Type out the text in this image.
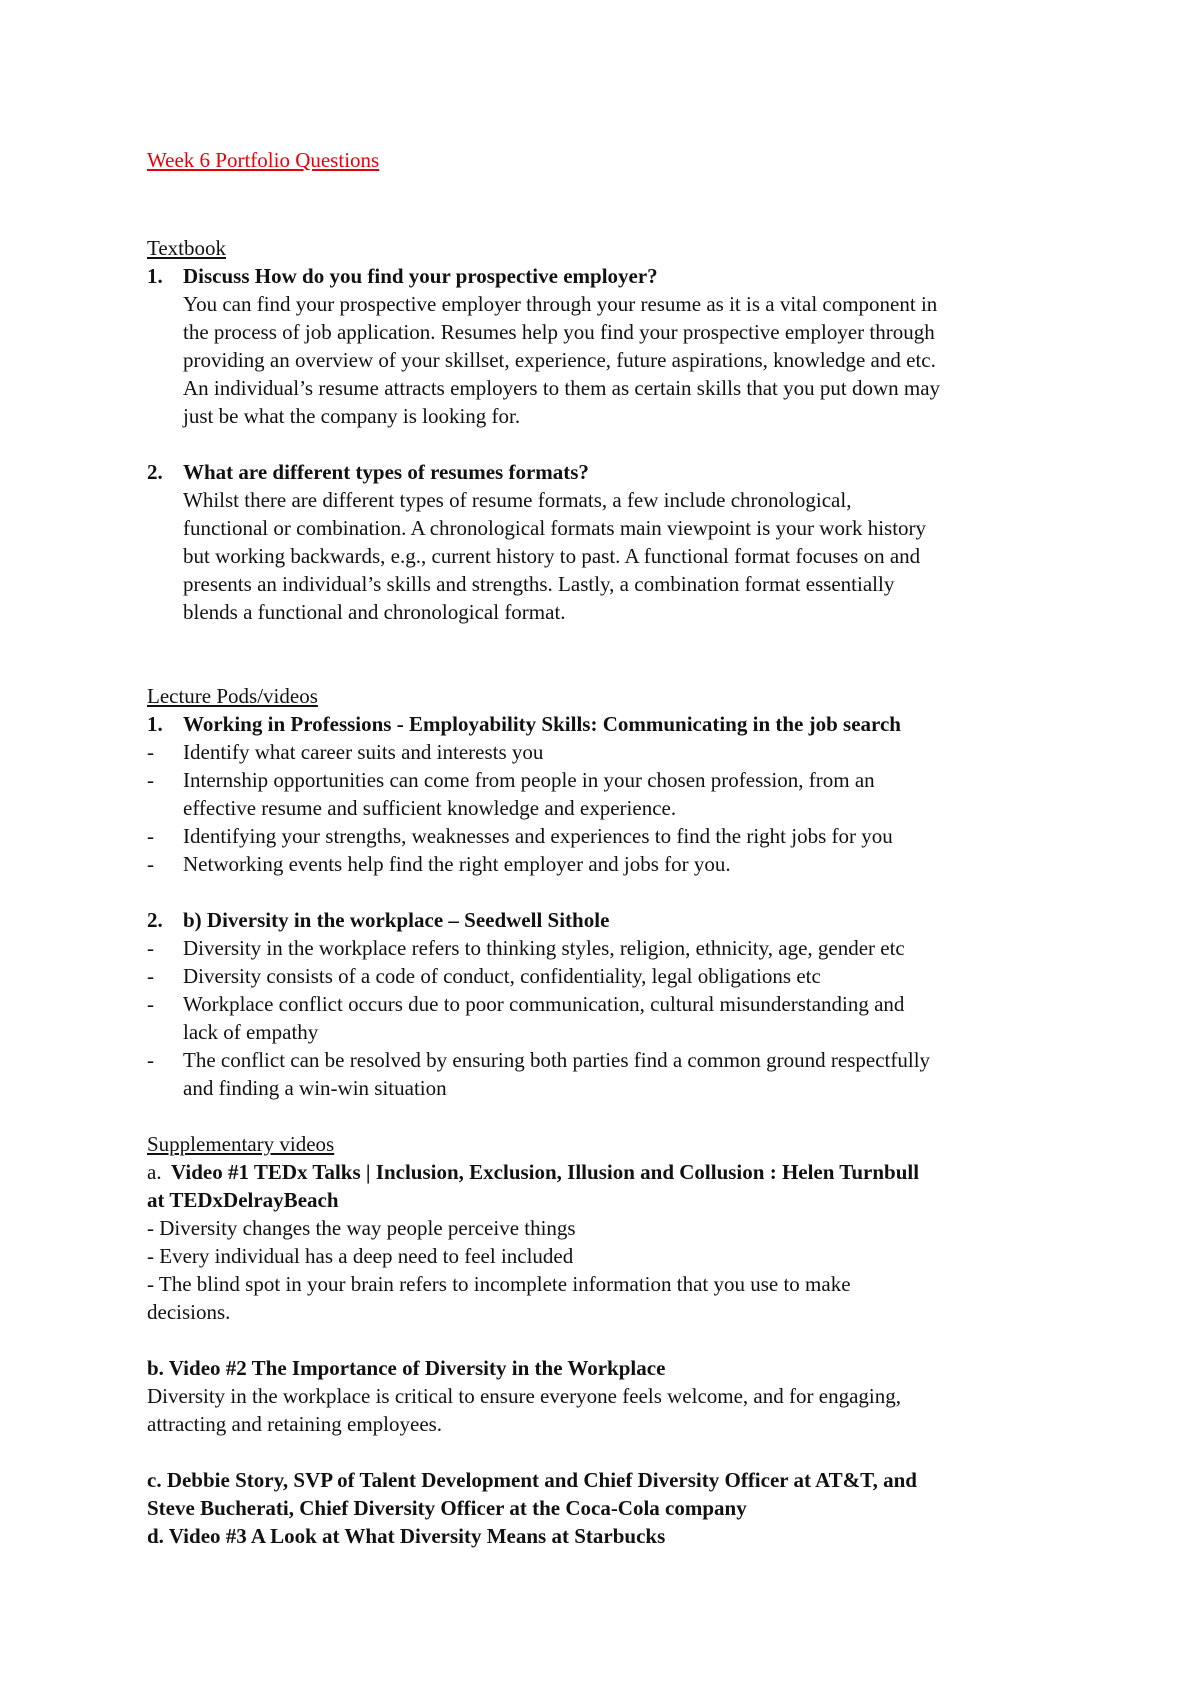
Week 6 Portfolio Questions
Textbook
1. Discuss How do you find your prospective employer?
You can find your prospective employer through your resume as it is a vital component in
the process of job application. Resumes help you find your prospective employer through
providing an overview of your skillset, experience, future aspirations, knowledge and etc.
An individual’s resume attracts employers to them as certain skills that you put down may
just be what the company is looking for.
2. What are different types of resumes formats?
Whilst there are different types of resume formats, a few include chronological,
functional or combination. A chronological formats main viewpoint is your work history
but working backwards, e.g., current history to past. A functional format focuses on and
presents an individual’s skills and strengths. Lastly, a combination format essentially
blends a functional and chronological format.
Lecture Pods/videos
1. Working in Professions - Employability Skills: Communicating in the job search
- Identify what career suits and interests you
- Internship opportunities can come from people in your chosen profession, from an
effective resume and sufficient knowledge and experience.
- Identifying your strengths, weaknesses and experiences to find the right jobs for you
- Networking events help find the right employer and jobs for you.
2. b) Diversity in the workplace – Seedwell Sithole
- Diversity in the workplace refers to thinking styles, religion, ethnicity, age, gender etc
- Diversity consists of a code of conduct, confidentiality, legal obligations etc
- Workplace conflict occurs due to poor communication, cultural misunderstanding and
lack of empathy
- The conflict can be resolved by ensuring both parties find a common ground respectfully
and finding a win-win situation
Supplementary videos
a. Video #1 TEDx Talks | Inclusion, Exclusion, Illusion and Collusion : Helen Turnbull
at TEDxDelrayBeach
- Diversity changes the way people perceive things
- Every individual has a deep need to feel included
- The blind spot in your brain refers to incomplete information that you use to make
decisions.
b. Video #2 The Importance of Diversity in the Workplace
Diversity in the workplace is critical to ensure everyone feels welcome, and for engaging,
attracting and retaining employees.
c. Debbie Story, SVP of Talent Development and Chief Diversity Officer at AT&T, and
Steve Bucherati, Chief Diversity Officer at the Coca-Cola company
d. Video #3 A Look at What Diversity Means at Starbucks
